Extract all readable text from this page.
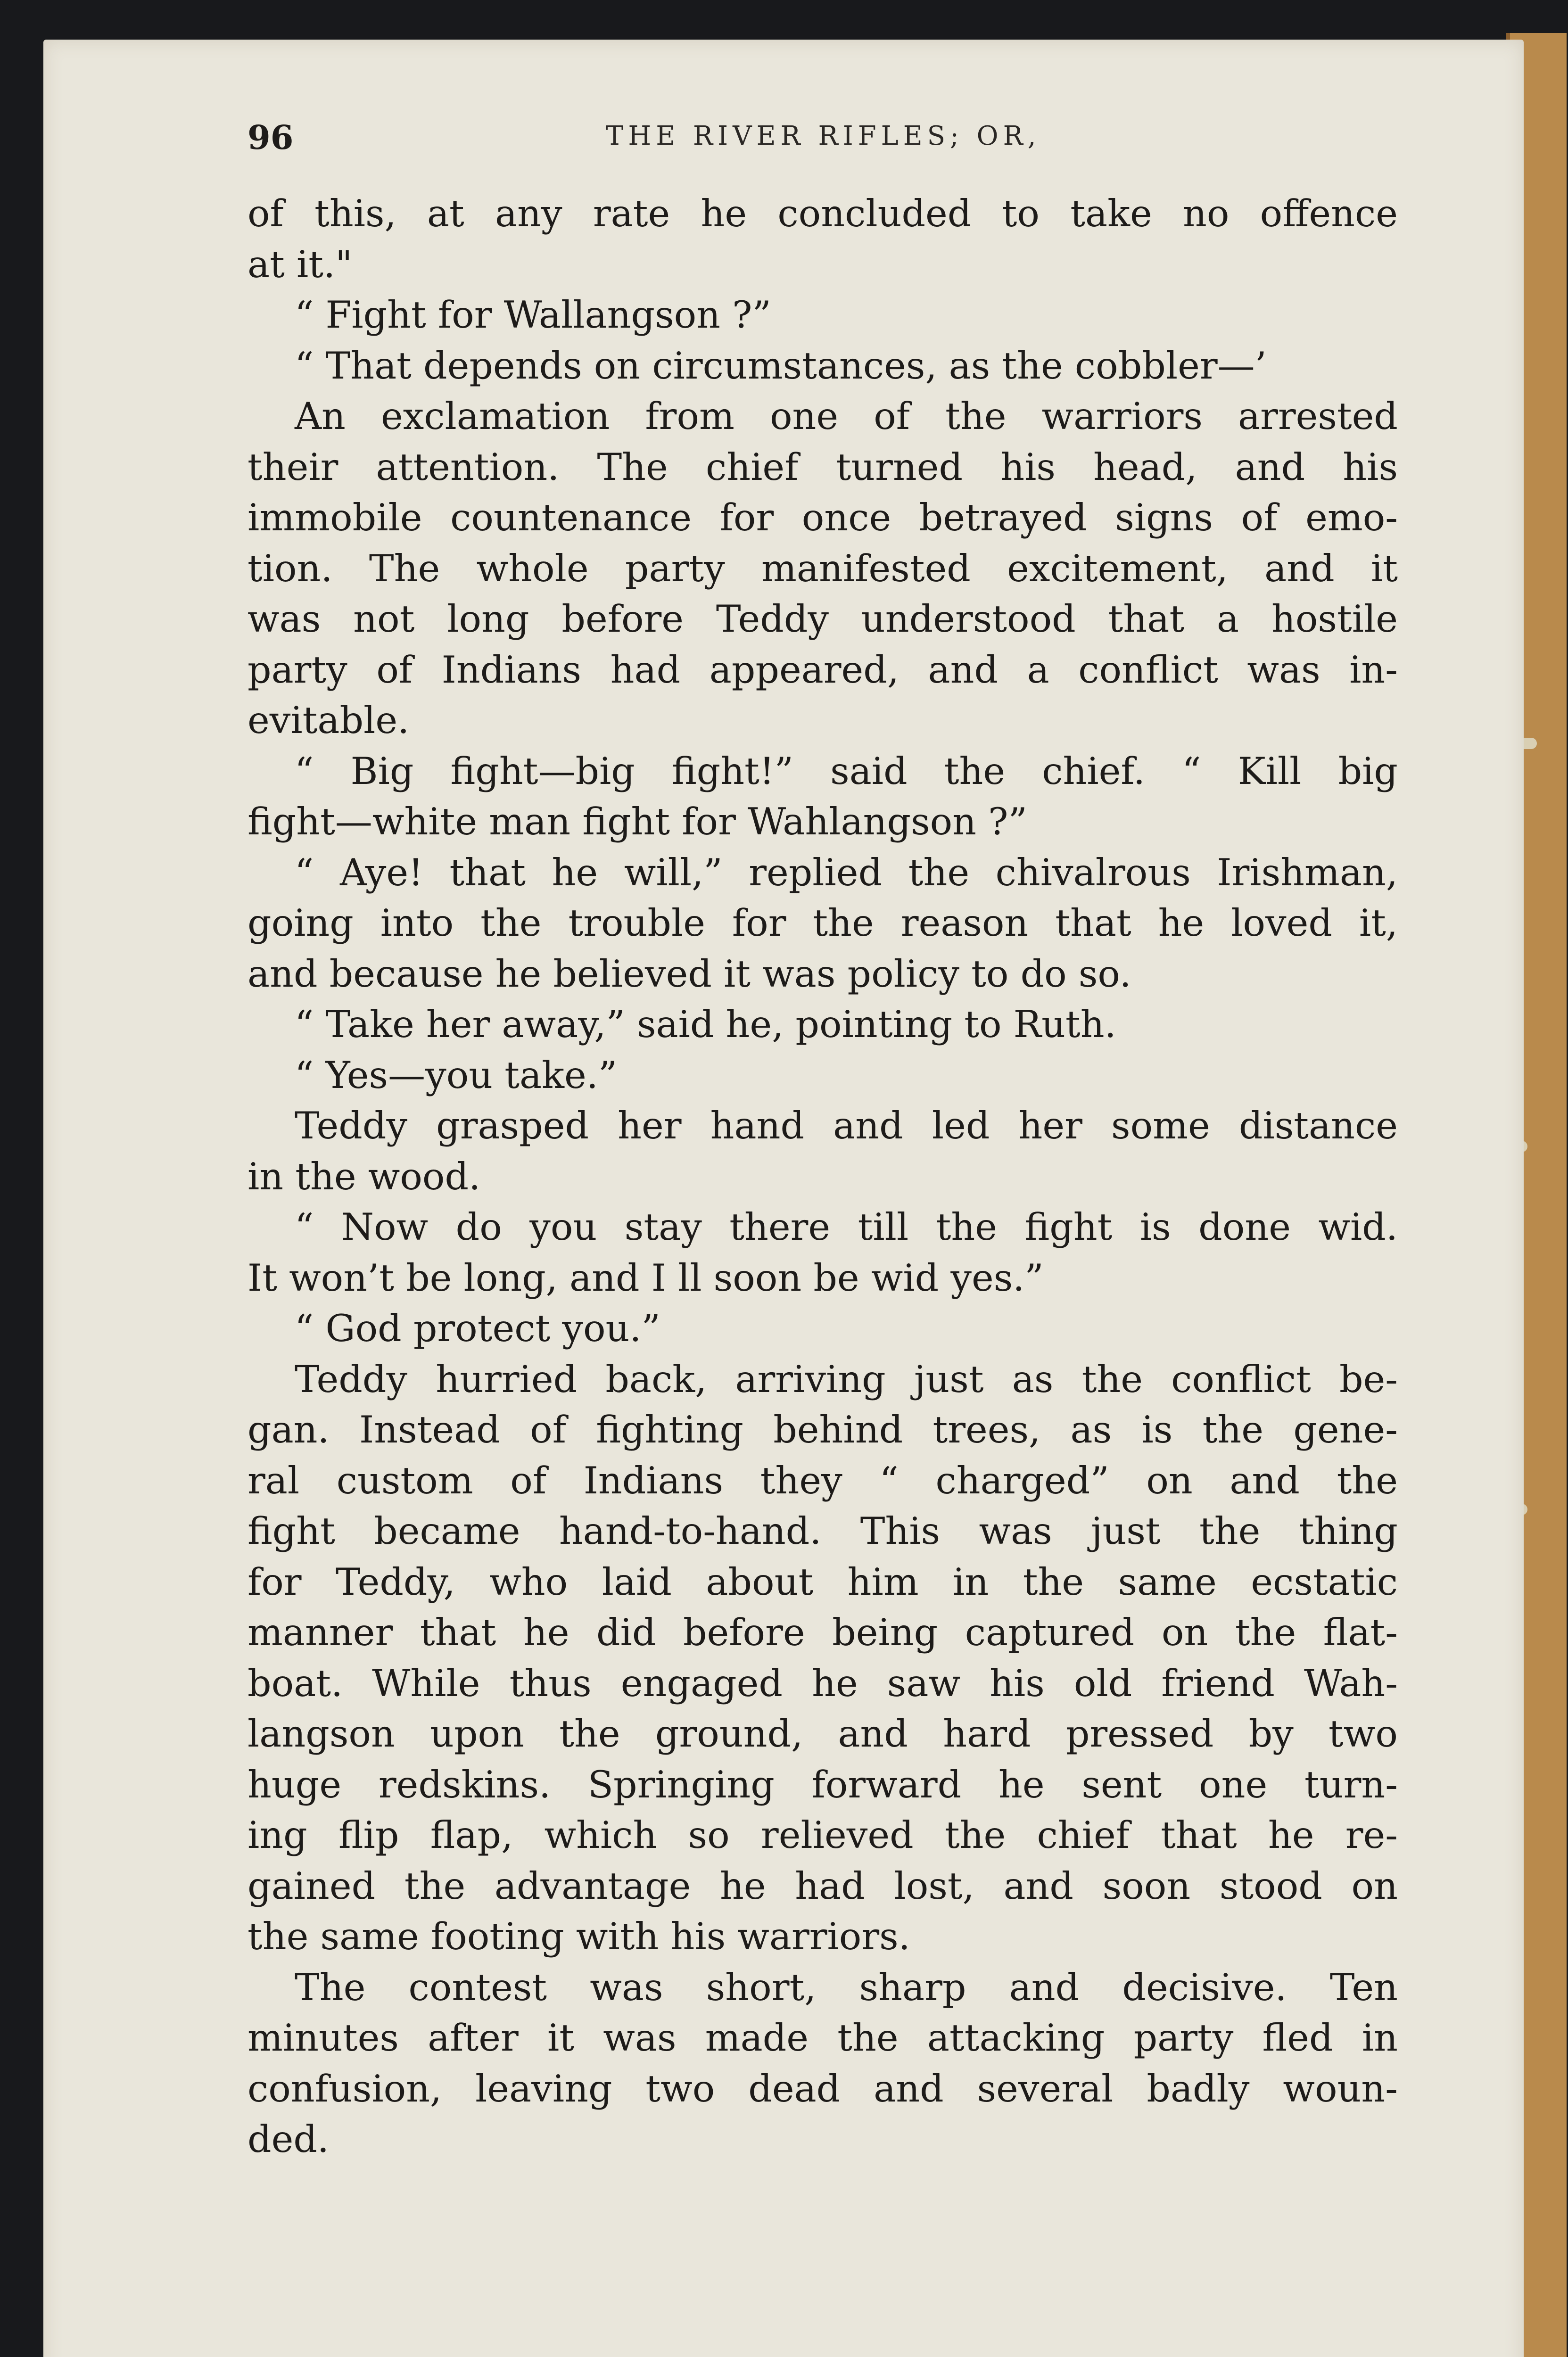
96	THE RIVER RIFLES; OR,
of this, at any rate he concluded to take no offence
at it."
“ Fight for Wallangson ?”
“ That depends on circumstances, as the cobbler—’
An exclamation from one of the warriors arrested
their attention. The chief turned his head, and his
immobile countenance for once betrayed signs of emo-
tion. The whole party manifested excitement, and it
was not long before Teddy understood that a hostile
party of Indians had appeared, and a conflict was in-
evitable.
“ Big fight—big fight!” said the chief. “ Kill big
fight—white man fight for Wahlangson ?”
“ Aye! that he will,” replied the chivalrous Irishman,
going into the trouble for the reason that he loved it,
and because he believed it was policy to do so.
“ Take her away,” said he, pointing to Ruth.
“ Yes—you take.”
Teddy grasped her hand and led her some distance
in the wood.
“ Now do you stay there till the fight is done wid.
It won’t be long, and I ll soon be wid yes.”
“ God protect you.”
Teddy hurried back, arriving just as the conflict be-
gan. Instead of fighting behind trees, as is the gene-
ral custom of Indians they “ charged” on and the
fight became hand-to-hand. This was just the thing
for Teddy, who laid about him in the same ecstatic
manner that he did before being captured on the flat-
boat. While thus engaged he saw his old friend Wah-
langson upon the ground, and hard pressed by two
huge redskins. Springing forward he sent one turn-
ing flip flap, which so relieved the chief that he re-
gained the advantage he had lost, and soon stood on
the same footing with his warriors.
The contest was short, sharp and decisive. Ten
minutes after it was made the attacking party fled in
confusion, leaving two dead and several badly woun-
ded.
